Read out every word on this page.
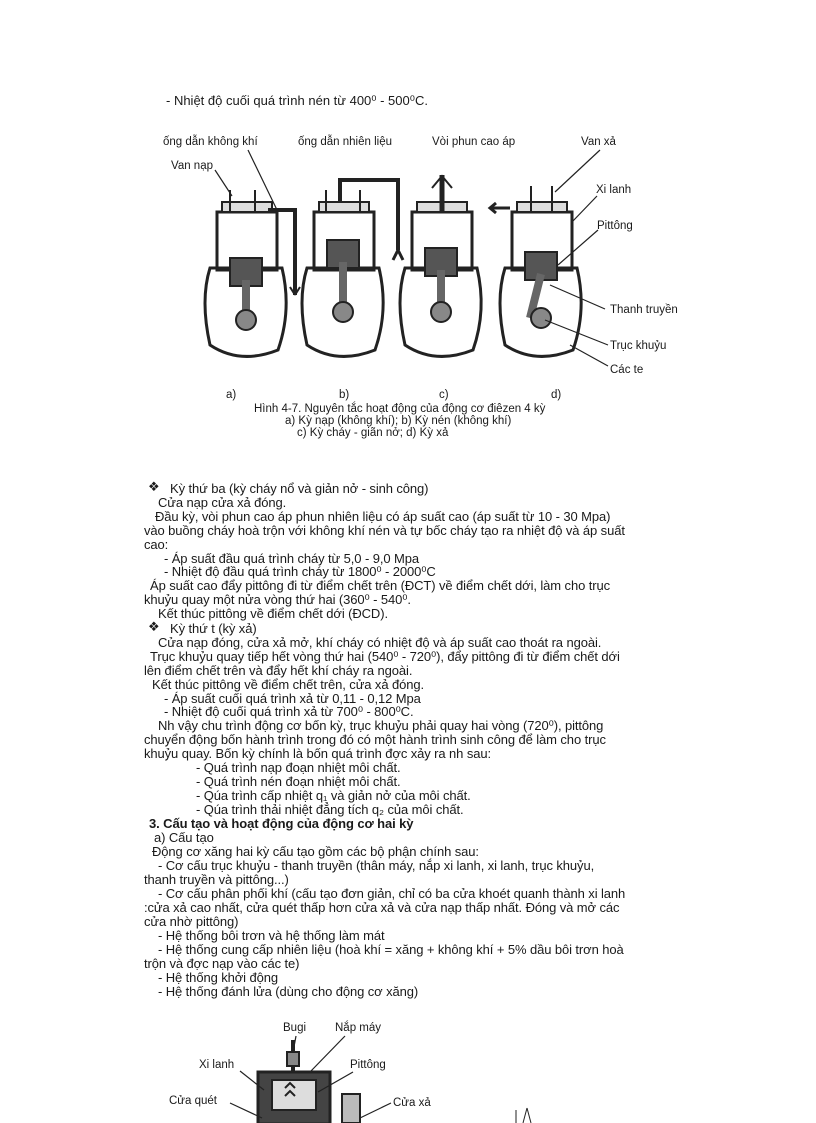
- Nhiệt độ cuối quá trình nén từ 400⁰ - 500⁰C.
ống dẫn không khí	ống dẫn nhiên liệu	Vòi phun cao áp	Van xả
Van nạp
Xi lanh
Pittông
Thanh truyền
Trục khuỷu
Các te
a)	b)	c)	d)
Hình 4-7. Nguyên tắc hoạt động của động cơ điêzen 4 kỳ
a) Kỳ nạp (không khí); b) Kỳ nén (không khí)
c) Kỳ cháy - giãn nở; d) Kỳ xả
❖ Kỳ thứ ba (kỳ cháy nổ và giản nở - sinh công)
Cửa nạp cửa xả đóng.
Đầu kỳ, vòi phun cao áp phun nhiên liệu có áp suất cao (áp suất từ 10 - 30 Mpa)
vào buồng cháy hoà trộn với không khí nén và tự bốc cháy tạo ra nhiệt độ và áp suất
cao:
- Áp suất đầu quá trình cháy từ 5,0 - 9,0 Mpa
- Nhiệt độ đầu quá trình cháy từ 1800⁰ - 2000⁰C
Áp suất cao đẩy pittông đi từ điểm chết trên (ĐCT) về điểm chết dới, làm cho trục
khuỷu quay một nửa vòng thứ hai (360⁰ - 540⁰.
Kết thúc pittông về điểm chết dới (ĐCD).
❖ Kỳ thứ t (kỳ xả)
Cửa nạp đóng, cửa xả mở, khí cháy có nhiệt độ và áp suất cao thoát ra ngoài.
Trục khuỷu quay tiếp hết vòng thứ hai (540⁰ - 720⁰), đẩy pittông đi từ điểm chết dới
lên điểm chết trên và đẩy hết khí cháy ra ngoài.
Kết thúc pittông về điểm chết trên, cửa xả đóng.
- Áp suất cuối quá trình xả từ 0,11 - 0,12 Mpa
- Nhiệt độ cuối quá trình xả từ 700⁰ - 800⁰C.
Nh vậy chu trình động cơ bốn kỳ, trục khuỷu phải quay hai vòng (720⁰), pittông
chuyển động bốn hành trình trong đó có một hành trình sinh công để làm cho trục
khuỷu quay. Bốn kỳ chính là bốn quá trình đợc xảy ra nh sau:
- Quá trình nạp đoạn nhiệt môi chất.
- Quá trình nén đoạn nhiệt môi chất.
- Qúa trình cấp nhiệt q₁ và giản nở của môi chất.
- Qúa trình thải nhiệt đẳng tích q₂ của môi chất.
3. Cấu tạo và hoạt động của động cơ hai kỳ
a) Cấu tạo
Động cơ xăng hai kỳ cấu tạo gồm các bộ phận chính sau:
- Cơ cấu trục khuỷu - thanh truyền (thân máy, nắp xi lanh, xi lanh, trục khuỷu,
thanh truyền và pittông...)
- Cơ cấu phân phối khí (cấu tạo đơn giản, chỉ có ba cửa khoét quanh thành xi lanh
:cửa xả cao nhất, cửa quét thấp hơn cửa xả và cửa nạp thấp nhất. Đóng và mở các
cửa nhờ pittông)
- Hệ thống bôi trơn và hệ thống làm mát
- Hệ thống cung cấp nhiên liệu (hoà khí = xăng + không khí + 5% dầu bôi trơn hoà
trộn và đợc nạp vào các te)
- Hệ thống khởi động
- Hệ thống đánh lửa (dùng cho động cơ xăng)
Bugi	Nắp máy
Xi lanh	Pittông
Cửa quét	Cửa xả
